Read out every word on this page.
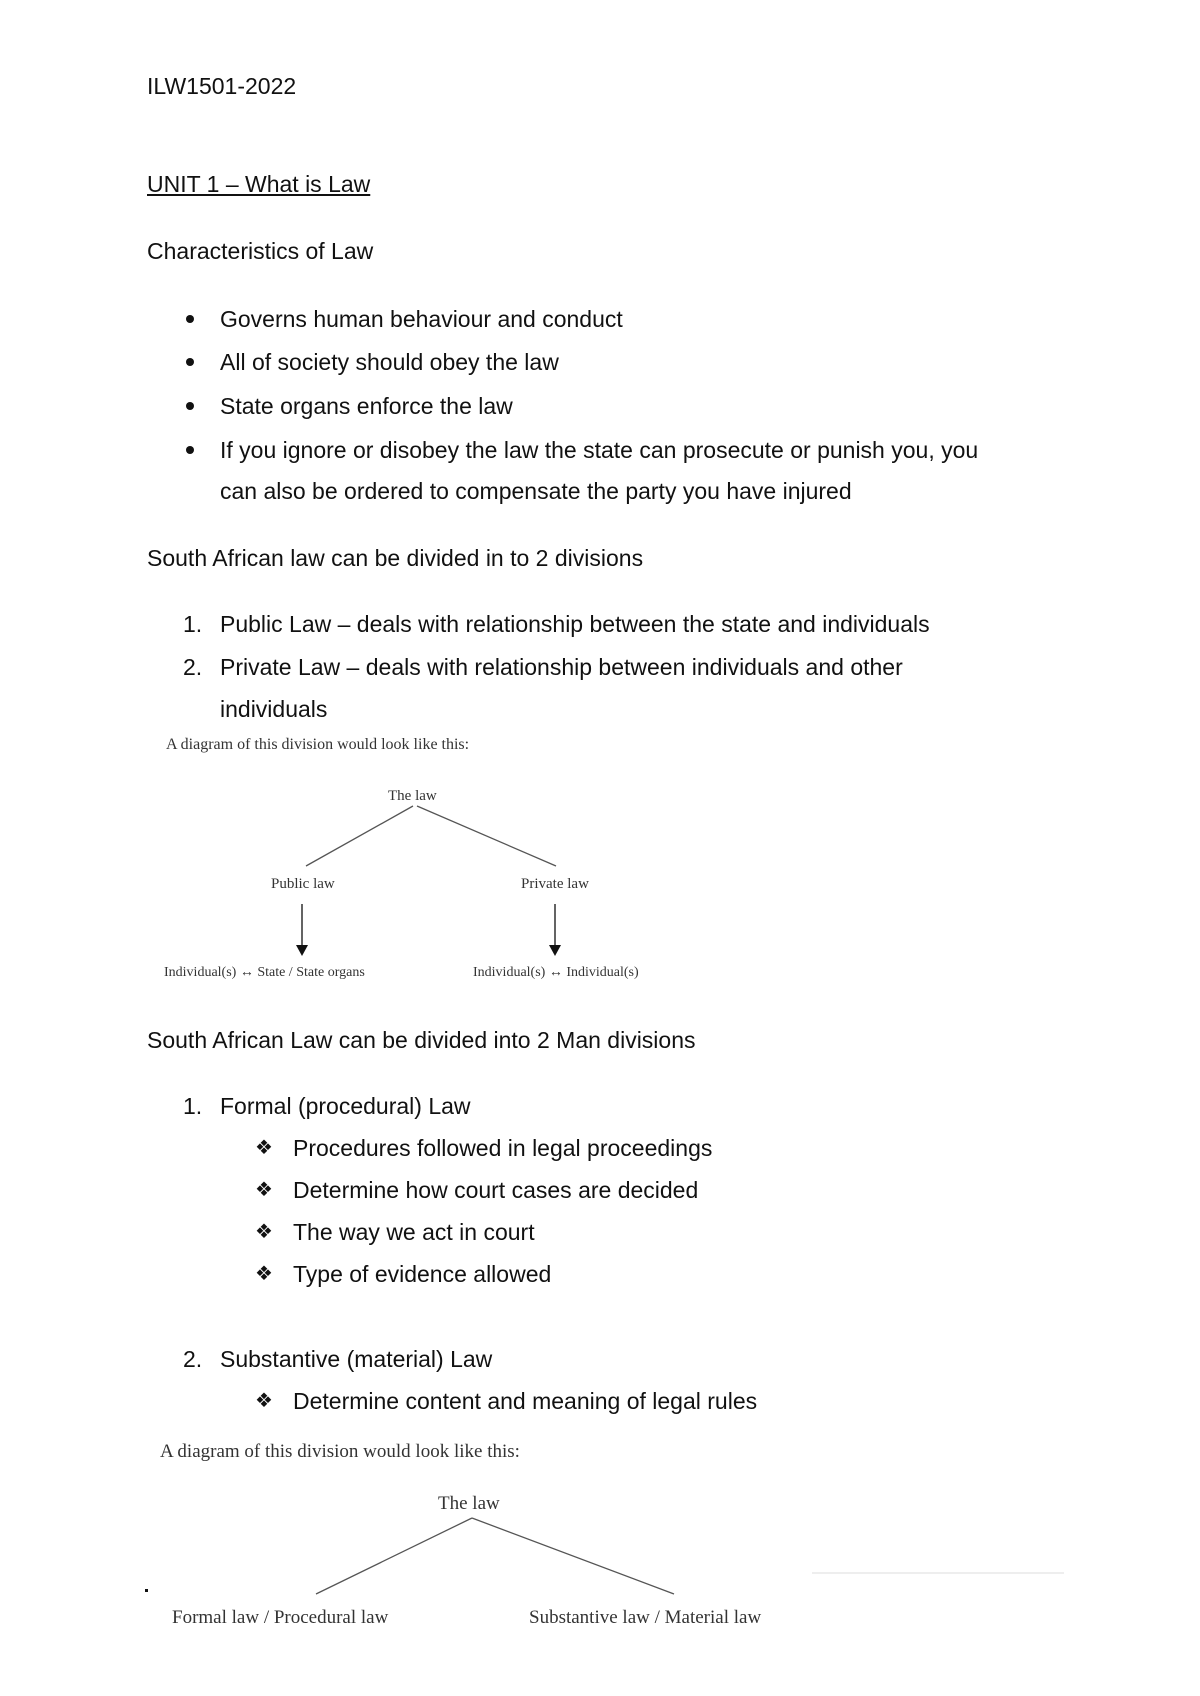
ILW1501-2022
UNIT 1 – What is Law
Characteristics of Law
Governs human behaviour and conduct
All of society should obey the law
State organs enforce the law
If you ignore or disobey the law the state can prosecute or punish you, you
can also be ordered to compensate the party you have injured
South African law can be divided in to 2 divisions
1. Public Law – deals with relationship between the state and individuals
2. Private Law – deals with relationship between individuals and other
individuals
A diagram of this division would look like this:
The law
Public law	Private law
Individual(s) ↔ State / State organs	Individual(s) ↔ Individual(s)
South African Law can be divided into 2 Man divisions
1. Formal (procedural) Law
❖ Procedures followed in legal proceedings
❖ Determine how court cases are decided
❖ The way we act in court
❖ Type of evidence allowed
2. Substantive (material) Law
❖ Determine content and meaning of legal rules
A diagram of this division would look like this:
The law
Formal law / Procedural law	Substantive law / Material law
